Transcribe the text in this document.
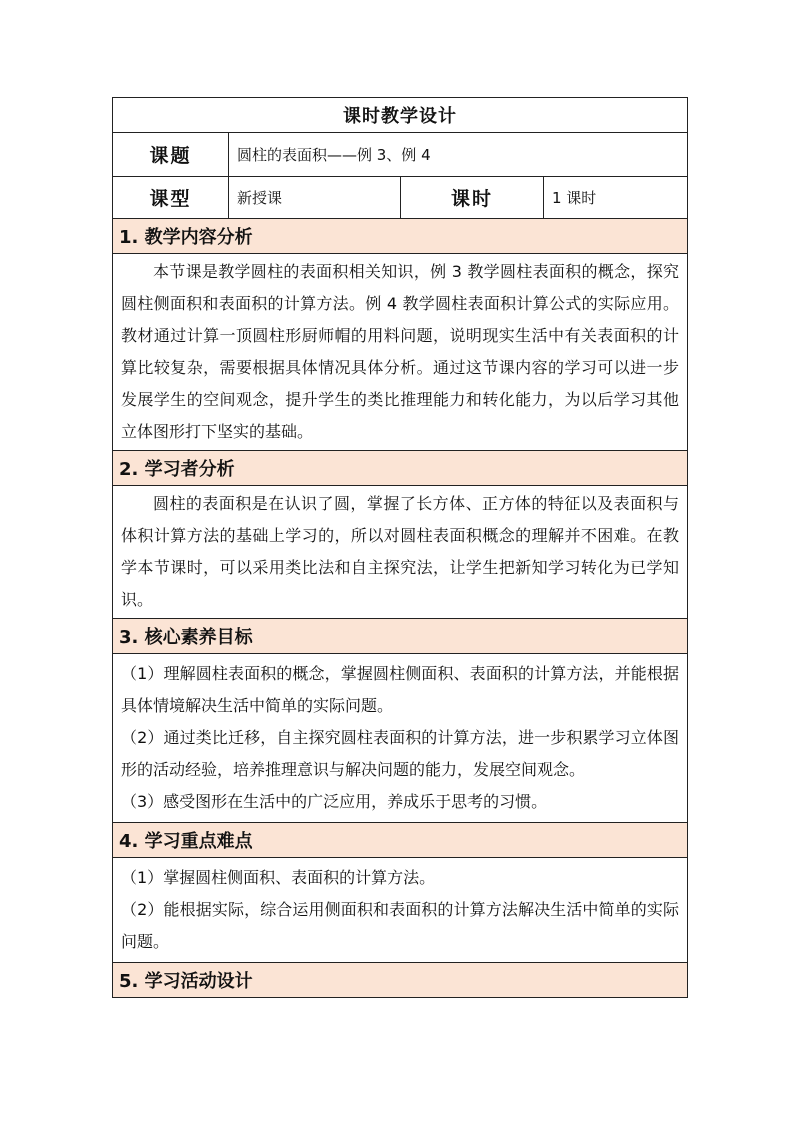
课时教学设计			
课题	圆柱的表面积——例 3、例 4		
课型	新授课	课时	1 课时
1. 教学内容分析			
本节课是教学圆柱的表面积相关知识，例 3 教学圆柱表面积的概念，探究圆柱侧面积和表面积的计算方法。例 4 教学圆柱表面积计算公式的实际应用。教材通过计算一顶圆柱形厨师帽的用料问题，说明现实生活中有关表面积的计算比较复杂，需要根据具体情况具体分析。通过这节课内容的学习可以进一步发展学生的空间观念，提升学生的类比推理能力和转化能力，为以后学习其他立体图形打下坚实的基础。			
2. 学习者分析			
圆柱的表面积是在认识了圆，掌握了长方体、正方体的特征以及表面积与体积计算方法的基础上学习的，所以对圆柱表面积概念的理解并不困难。在教学本节课时，可以采用类比法和自主探究法，让学生把新知学习转化为已学知识。			
3. 核心素养目标			

（1）理解圆柱表面积的概念，掌握圆柱侧面积、表面积的计算方法，并能根据具体情境解决生活中简单的实际问题。

（2）通过类比迁移，自主探究圆柱表面积的计算方法，进一步积累学习立体图形的活动经验，培养推理意识与解决问题的能力，发展空间观念。

（3）感受图形在生活中的广泛应用，养成乐于思考的习惯。			

4. 学习重点难点			

（1）掌握圆柱侧面积、表面积的计算方法。

（2）能根据实际，综合运用侧面积和表面积的计算方法解决生活中简单的实际问题。			

5. 学习活动设计			
